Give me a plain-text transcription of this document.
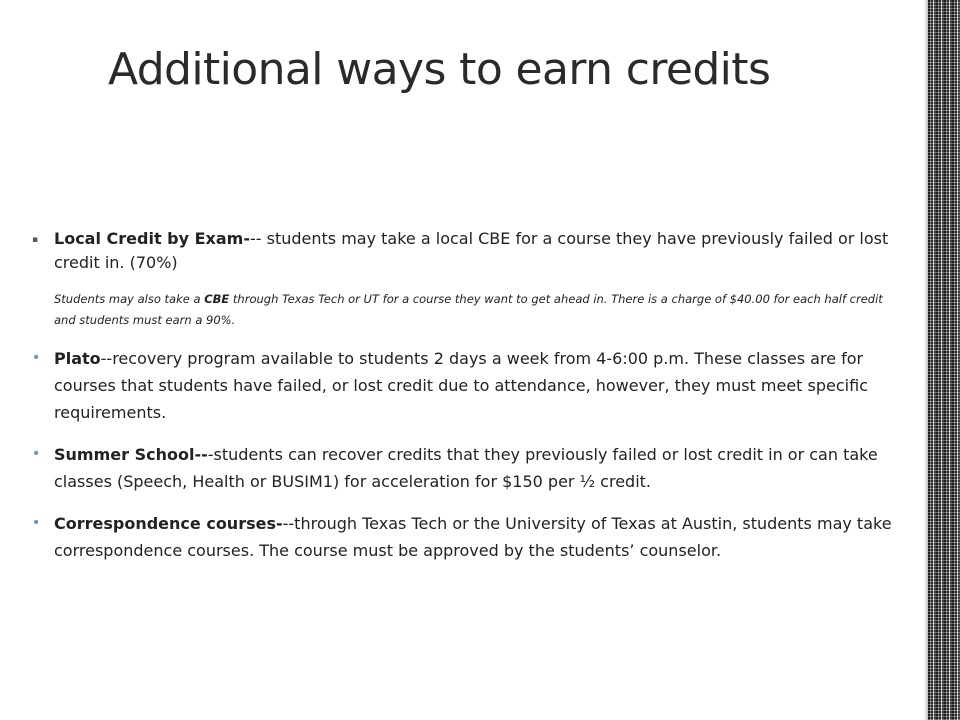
Additional ways to earn credits
▪ Local Credit by Exam--- students may take a local CBE for a course they have previously failed or lost credit in. (70%)
Students may also take a CBE through Texas Tech or UT for a course they want to get ahead in. There is a charge of $40.00 for each half credit and students must earn a 90%.
• Plato--recovery program available to students 2 days a week from 4-6:00 p.m. These classes are for courses that students have failed, or lost credit due to attendance, however, they must meet specific requirements.
• Summer School---students can recover credits that they previously failed or lost credit in or can take classes (Speech, Health or BUSIM1) for acceleration for $150 per ½ credit.
• Correspondence courses---through Texas Tech or the University of Texas at Austin, students may take correspondence courses. The course must be approved by the students’ counselor.
